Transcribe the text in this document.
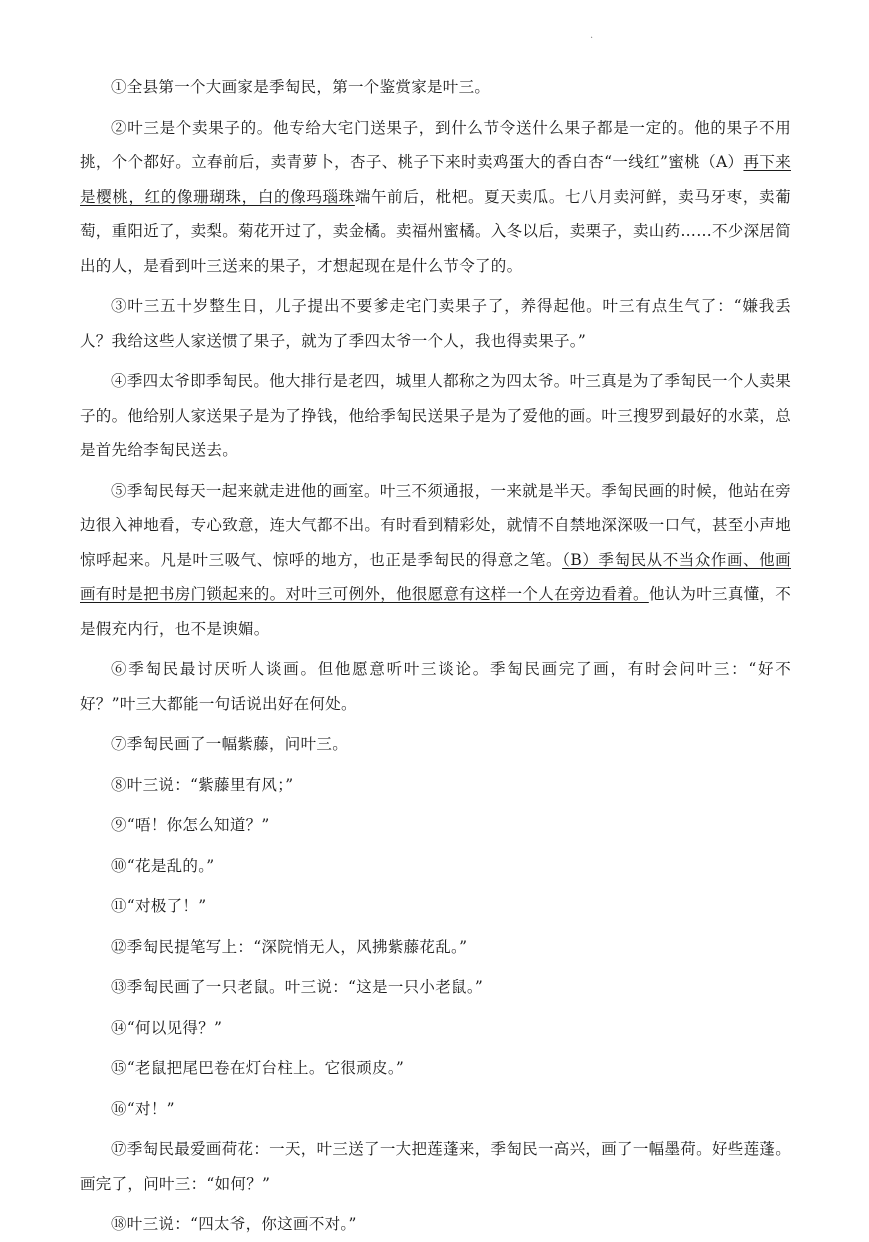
.

①全县第一个大画家是季匋民，第一个鉴赏家是叶三。

②叶三是个卖果子的。他专给大宅门送果子，到什么节令送什么果子都是一定的。他的果子不用挑，个个都好。立春前后，卖青萝卜，杏子、桃子下来时卖鸡蛋大的香白杏“一线红”蜜桃（A）再下来是樱桃，红的像珊瑚珠，白的像玛瑙珠端午前后，枇杷。夏天卖瓜。七八月卖河鲜，卖马牙枣，卖葡萄，重阳近了，卖梨。菊花开过了，卖金橘。卖福州蜜橘。入冬以后，卖栗子，卖山药……不少深居简出的人，是看到叶三送来的果子，才想起现在是什么节令了的。

③叶三五十岁整生日，儿子提出不要爹走宅门卖果子了，养得起他。叶三有点生气了：“嫌我丢人？我给这些人家送惯了果子，就为了季四太爷一个人，我也得卖果子。”

④季四太爷即季匋民。他大排行是老四，城里人都称之为四太爷。叶三真是为了季匋民一个人卖果子的。他给别人家送果子是为了挣钱，他给季匋民送果子是为了爱他的画。叶三搜罗到最好的水菜，总是首先给李匋民送去。

⑤季匋民每天一起来就走进他的画室。叶三不须通报，一来就是半天。季匋民画的时候，他站在旁边很入神地看，专心致意，连大气都不出。有时看到精彩处，就情不自禁地深深吸一口气，甚至小声地惊呼起来。凡是叶三吸气、惊呼的地方，也正是季匋民的得意之笔。（B）季匋民从不当众作画、他画画有时是把书房门锁起来的。对叶三可例外，他很愿意有这样一个人在旁边看着。他认为叶三真懂，不是假充内行，也不是谀媚。

⑥季匋民最讨厌听人谈画。但他愿意听叶三谈论。季匋民画完了画，有时会问叶三：“好不好？”叶三大都能一句话说出好在何处。

⑦季匋民画了一幅紫藤，问叶三。

⑧叶三说：“紫藤里有风；”

⑨“唔！你怎么知道？”

⑩“花是乱的。”

⑪“对极了！”

⑫季匋民提笔写上：“深院悄无人，风拂紫藤花乱。”

⑬季匋民画了一只老鼠。叶三说：“这是一只小老鼠。”

⑭“何以见得？”

⑮“老鼠把尾巴卷在灯台柱上。它很顽皮。”

⑯“对！”

⑰季匋民最爱画荷花：一天，叶三送了一大把莲蓬来，季匋民一高兴，画了一幅墨荷。好些莲蓬。画完了，问叶三：“如何？”

⑱叶三说：“四太爷，你这画不对。”
